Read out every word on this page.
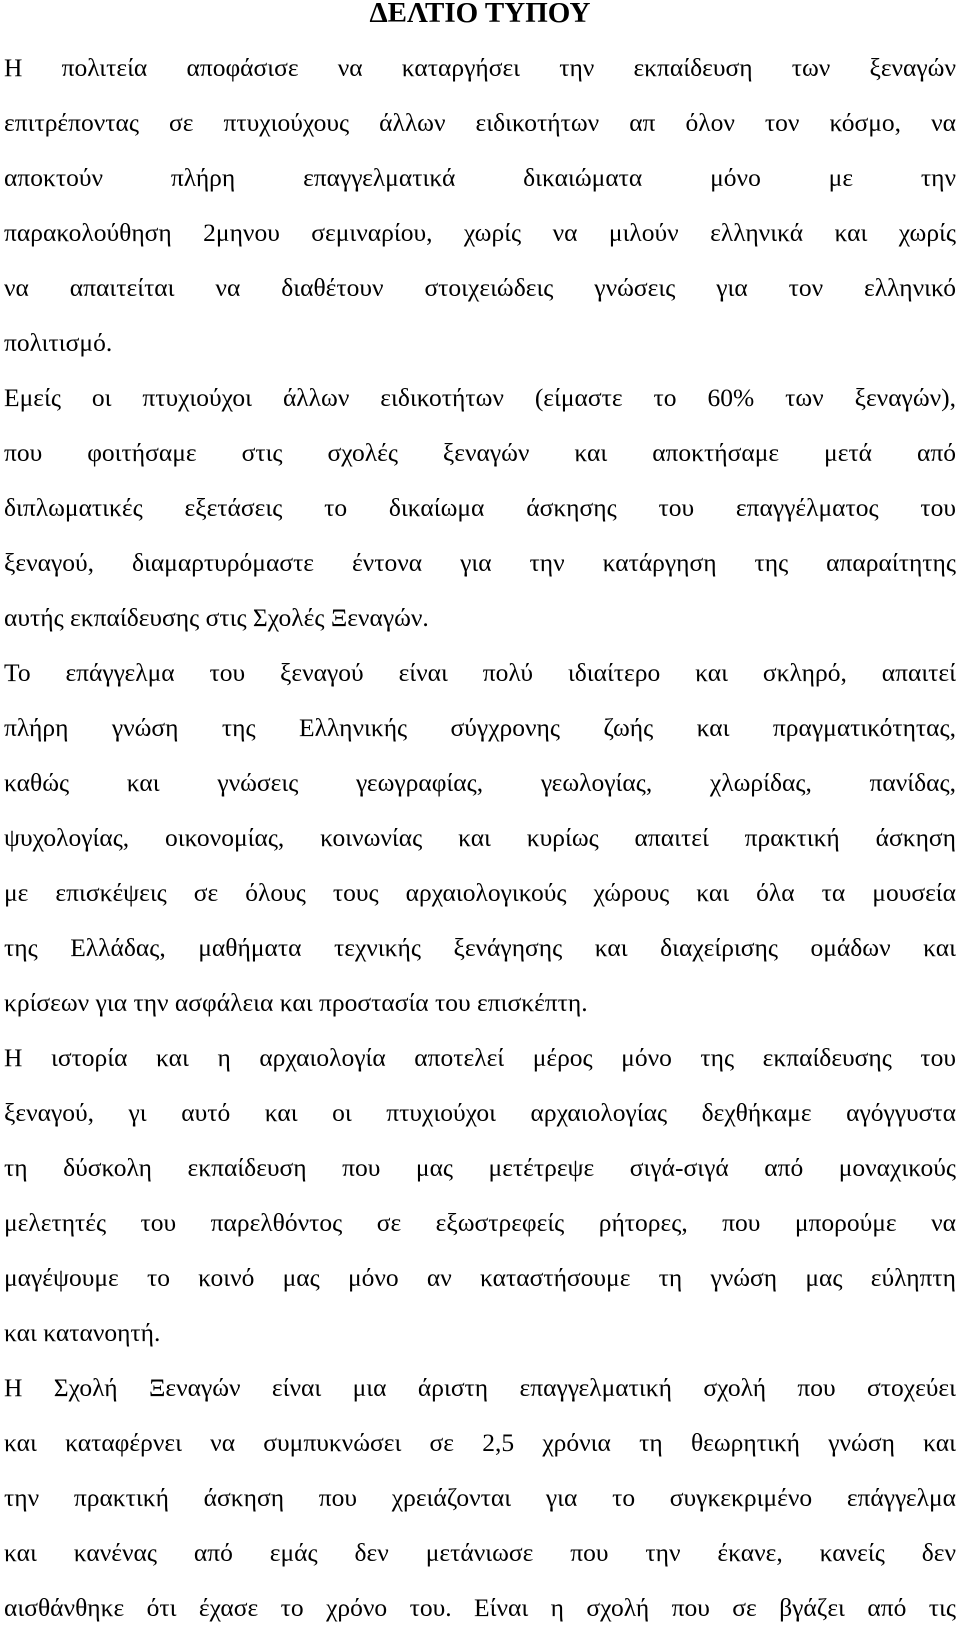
ΔΕΛΤΙΟ ΤΥΠΟΥ
Η πολιτεία αποφάσισε να καταργήσει την εκπαίδευση των ξεναγών
επιτρέποντας σε πτυχιούχους άλλων ειδικοτήτων απ όλον τον κόσμο, να
αποκτούν πλήρη επαγγελματικά δικαιώματα μόνο με την
παρακολούθηση 2μηνου σεμιναρίου, χωρίς να μιλούν ελληνικά και χωρίς
να απαιτείται να διαθέτουν στοιχειώδεις γνώσεις για τον ελληνικό
πολιτισμό.
Εμείς οι πτυχιούχοι άλλων ειδικοτήτων (είμαστε το 60% των ξεναγών),
που φοιτήσαμε στις σχολές ξεναγών και αποκτήσαμε μετά από
διπλωματικές εξετάσεις το δικαίωμα άσκησης του επαγγέλματος του
ξεναγού, διαμαρτυρόμαστε έντονα για την κατάργηση της απαραίτητης
αυτής εκπαίδευσης στις Σχολές Ξεναγών.
Το επάγγελμα του ξεναγού είναι πολύ ιδιαίτερο και σκληρό, απαιτεί
πλήρη γνώση της Ελληνικής σύγχρονης ζωής και πραγματικότητας,
καθώς και γνώσεις γεωγραφίας, γεωλογίας, χλωρίδας, πανίδας,
ψυχολογίας, οικονομίας, κοινωνίας και κυρίως απαιτεί πρακτική άσκηση
με επισκέψεις σε όλους τους αρχαιολογικούς χώρους και όλα τα μουσεία
της Ελλάδας, μαθήματα τεχνικής ξενάγησης και διαχείρισης ομάδων και
κρίσεων για την ασφάλεια και προστασία του επισκέπτη.
Η ιστορία και η αρχαιολογία αποτελεί μέρος μόνο της εκπαίδευσης του
ξεναγού, γι αυτό και οι πτυχιούχοι αρχαιολογίας δεχθήκαμε αγόγγυστα
τη δύσκολη εκπαίδευση που μας μετέτρεψε σιγά-σιγά από μοναχικούς
μελετητές του παρελθόντος σε εξωστρεφείς ρήτορες, που μπορούμε να
μαγέψουμε το κοινό μας μόνο αν καταστήσουμε τη γνώση μας εύληπτη
και κατανοητή.
Η Σχολή Ξεναγών είναι μια άριστη επαγγελματική σχολή που στοχεύει
και καταφέρνει να συμπυκνώσει σε 2,5 χρόνια τη θεωρητική γνώση και
την πρακτική άσκηση που χρειάζονται για το συγκεκριμένο επάγγελμα
και κανένας από εμάς δεν μετάνιωσε που την έκανε, κανείς δεν
αισθάνθηκε ότι έχασε το χρόνο του. Είναι η σχολή που σε βγάζει από τις
